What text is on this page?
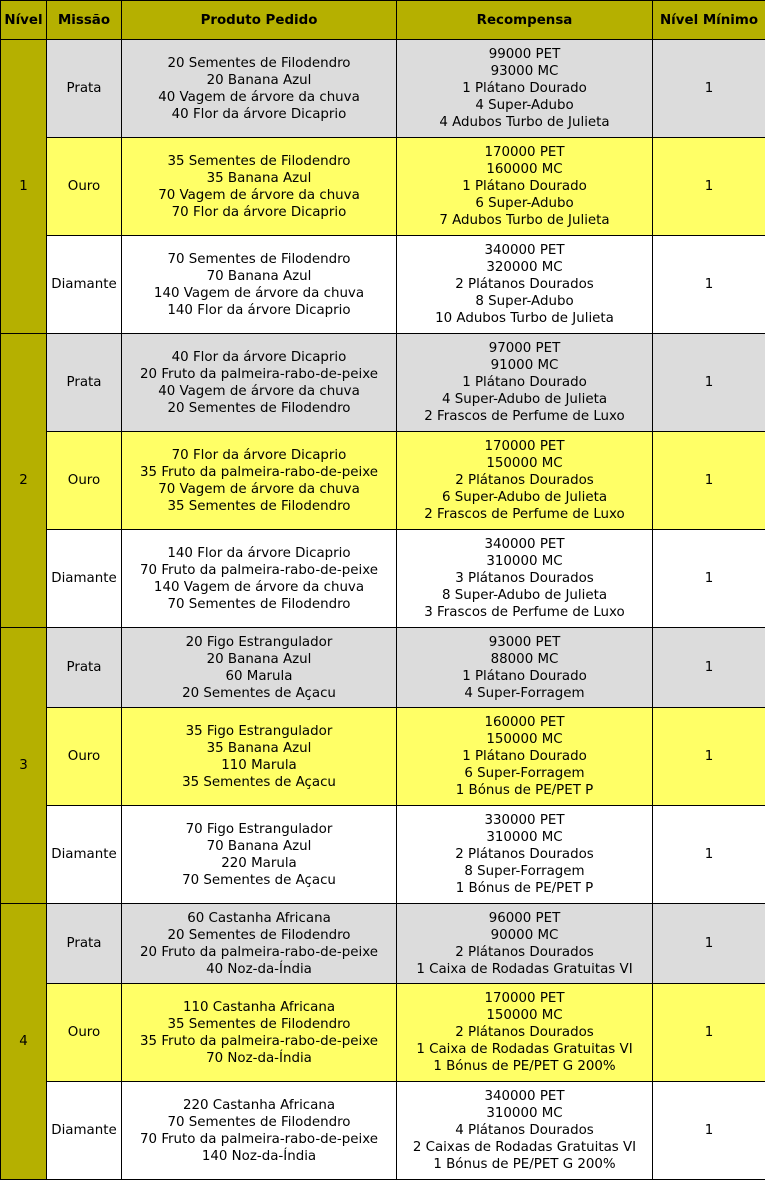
Nível	Missão	Produto Pedido	Recompensa	Nível Mínimo
1	Prata	20 Sementes de Filodendro
20 Banana Azul
40 Vagem de árvore da chuva
40 Flor da árvore Dicaprio	99000 PET
93000 MC
1 Plátano Dourado
4 Super-Adubo
4 Adubos Turbo de Julieta	1
	Ouro	35 Sementes de Filodendro
35 Banana Azul
70 Vagem de árvore da chuva
70 Flor da árvore Dicaprio	170000 PET
160000 MC
1 Plátano Dourado
6 Super-Adubo
7 Adubos Turbo de Julieta	1
	Diamante	70 Sementes de Filodendro
70 Banana Azul
140 Vagem de árvore da chuva
140 Flor da árvore Dicaprio	340000 PET
320000 MC
2 Plátanos Dourados
8 Super-Adubo
10 Adubos Turbo de Julieta	1
2	Prata	40 Flor da árvore Dicaprio
20 Fruto da palmeira-rabo-de-peixe
40 Vagem de árvore da chuva
20 Sementes de Filodendro	97000 PET
91000 MC
1 Plátano Dourado
4 Super-Adubo de Julieta
2 Frascos de Perfume de Luxo	1
	Ouro	70 Flor da árvore Dicaprio
35 Fruto da palmeira-rabo-de-peixe
70 Vagem de árvore da chuva
35 Sementes de Filodendro	170000 PET
150000 MC
2 Plátanos Dourados
6 Super-Adubo de Julieta
2 Frascos de Perfume de Luxo	1
	Diamante	140 Flor da árvore Dicaprio
70 Fruto da palmeira-rabo-de-peixe
140 Vagem de árvore da chuva
70 Sementes de Filodendro	340000 PET
310000 MC
3 Plátanos Dourados
8 Super-Adubo de Julieta
3 Frascos de Perfume de Luxo	1
3	Prata	20 Figo Estrangulador
20 Banana Azul
60 Marula
20 Sementes de Açacu	93000 PET
88000 MC
1 Plátano Dourado
4 Super-Forragem	1
	Ouro	35 Figo Estrangulador
35 Banana Azul
110 Marula
35 Sementes de Açacu	160000 PET
150000 MC
1 Plátano Dourado
6 Super-Forragem
1 Bónus de PE/PET P	1
	Diamante	70 Figo Estrangulador
70 Banana Azul
220 Marula
70 Sementes de Açacu	330000 PET
310000 MC
2 Plátanos Dourados
8 Super-Forragem
1 Bónus de PE/PET P	1
4	Prata	60 Castanha Africana
20 Sementes de Filodendro
20 Fruto da palmeira-rabo-de-peixe
40 Noz-da-Índia	96000 PET
90000 MC
2 Plátanos Dourados
1 Caixa de Rodadas Gratuitas VI	1
	Ouro	110 Castanha Africana
35 Sementes de Filodendro
35 Fruto da palmeira-rabo-de-peixe
70 Noz-da-Índia	170000 PET
150000 MC
2 Plátanos Dourados
1 Caixa de Rodadas Gratuitas VI
1 Bónus de PE/PET G 200%	1
	Diamante	220 Castanha Africana
70 Sementes de Filodendro
70 Fruto da palmeira-rabo-de-peixe
140 Noz-da-Índia	340000 PET
310000 MC
4 Plátanos Dourados
2 Caixas de Rodadas Gratuitas VI
1 Bónus de PE/PET G 200%	1
